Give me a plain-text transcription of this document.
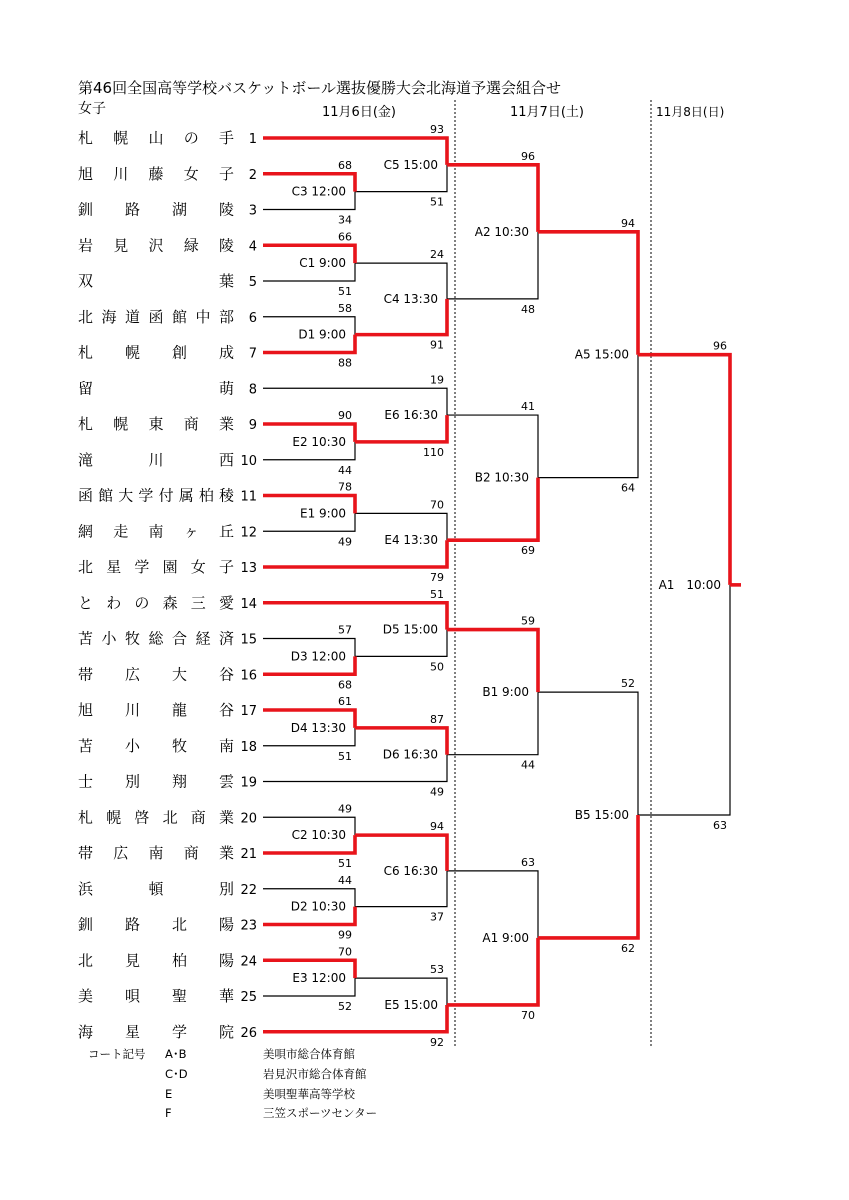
第46回全国高等学校バスケットボール選抜優勝大会北海道予選会組合せ
女子	11月6日(金)	11月7日(土)	11月8日(日)
札幌山の手 1
旭川藤女子 2
釧路湖陵 3
岩見沢緑陵 4
双葉 5
北海道函館中部 6
札幌創成 7
留萌 8
札幌東商業 9
滝川西 10
函館大学付属柏稜 11
網走南ヶ丘 12
北星学園女子 13
とわの森三愛 14
苫小牧総合経済 15
帯広大谷 16
旭川龍谷 17
苫小牧南 18
士別翔雲 19
札幌啓北商業 20
帯広南商業 21
浜頓別 22
釧路北陽 23
北見柏陽 24
美唄聖華 25
海星学院 26
68
34
C3 12:00
66
51
C1 9:00
58
88
D1 9:00
90
44
E2 10:30
78
49
E1 9:00
57
68
D3 12:00
61
51
D4 13:30
49
51
C2 10:30
44
99
D2 10:30
70
52
E3 12:00
93
51
C5 15:00
24
91
C4 13:30
19
110
E6 16:30
70
79
E4 13:30
51
50
D5 15:00
87
49
D6 16:30
94
37
C6 16:30
53
92
E5 15:00
96
48
A2 10:30
41
69
B2 10:30
59
44
B1 9:00
63
70
A1 9:00
94
64
A5 15:00
52
62
B5 15:00
96
63
A1　10:00
コート記号 A･B	美唄市総合体育館
C･D	岩見沢市総合体育館
E	美唄聖華高等学校
F	三笠スポーツセンター
